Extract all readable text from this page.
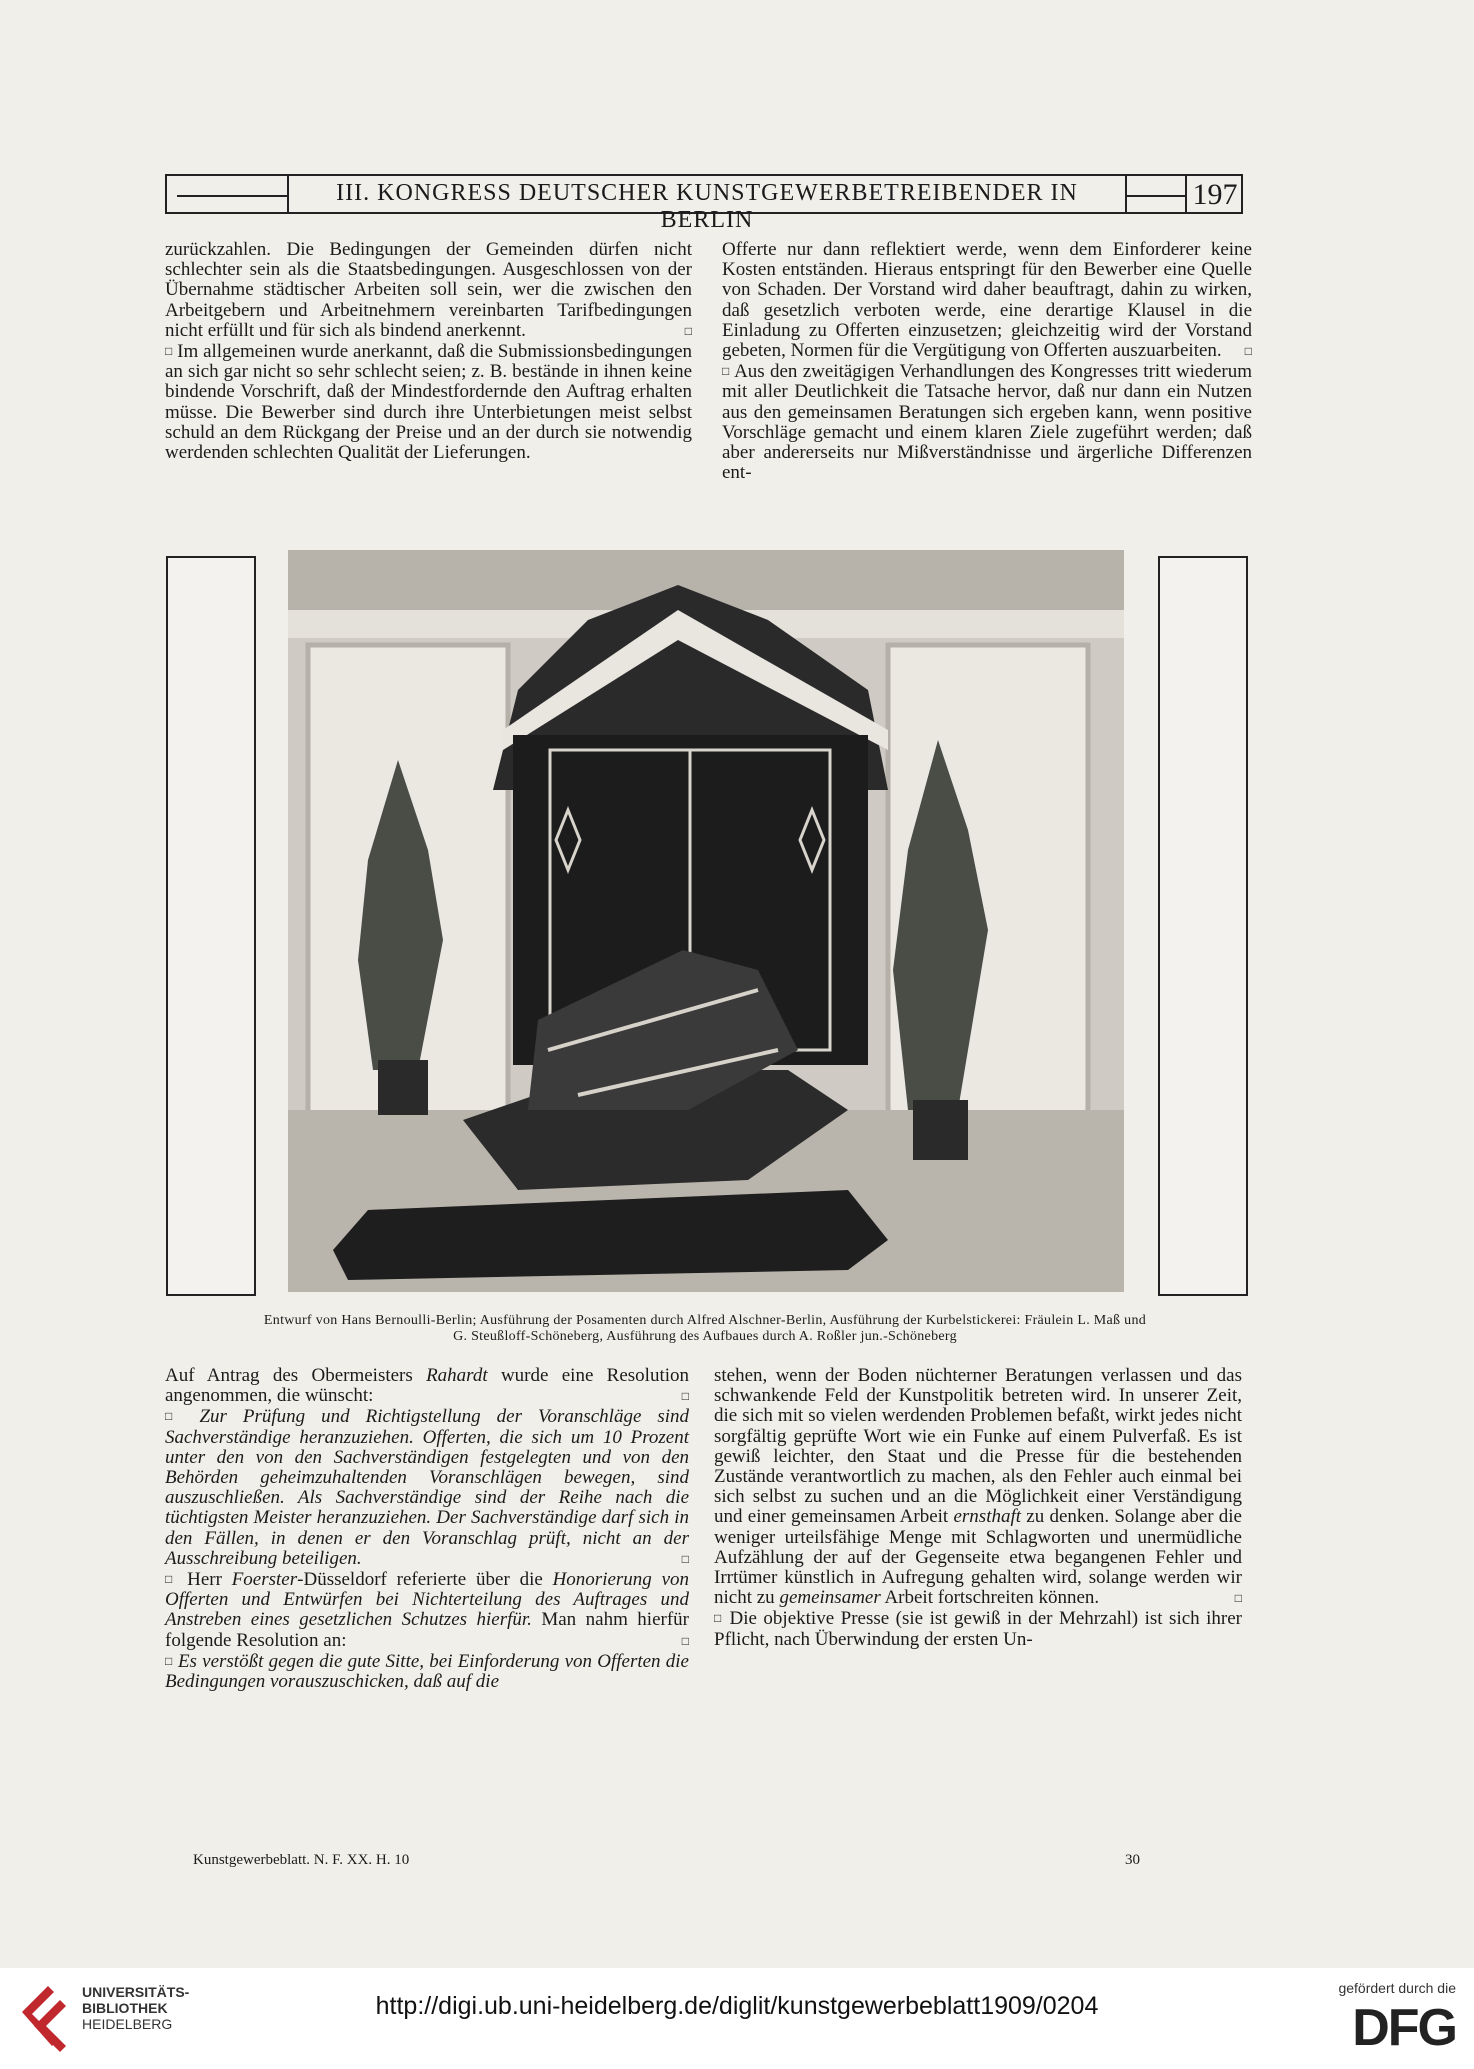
III. KONGRESS DEUTSCHER KUNSTGEWERBETREIBENDER IN BERLIN
197

zurückzahlen. Die Bedingungen der Gemeinden dürfen nicht schlechter sein als die Staatsbedingungen. Ausgeschlossen von der Übernahme städtischer Arbeiten soll sein, wer die zwischen den Arbeitgebern und Arbeitnehmern vereinbarten Tarifbedingungen nicht erfüllt und für sich als bindend anerkennt.	□

□ Im allgemeinen wurde anerkannt, daß die Submissionsbedingungen an sich gar nicht so sehr schlecht seien; z. B. bestände in ihnen keine bindende Vorschrift, daß der Mindestfordernde den Auftrag erhalten müsse. Die Bewerber sind durch ihre Unterbietungen meist selbst schuld an dem Rückgang der Preise und an der durch sie notwendig werdenden schlechten Qualität der Lieferungen.

Offerte nur dann reflektiert werde, wenn dem Einforderer keine Kosten entständen. Hieraus entspringt für den Bewerber eine Quelle von Schaden. Der Vorstand wird daher beauftragt, dahin zu wirken, daß gesetzlich verboten werde, eine derartige Klausel in die Einladung zu Offerten einzusetzen; gleichzeitig wird der Vorstand gebeten, Normen für die Vergütigung von Offerten auszuarbeiten. □

□ Aus den zweitägigen Verhandlungen des Kongresses tritt wiederum mit aller Deutlichkeit die Tatsache hervor, daß nur dann ein Nutzen aus den gemeinsamen Beratungen sich ergeben kann, wenn positive Vorschläge gemacht und einem klaren Ziele zugeführt werden; daß aber andererseits nur Mißverständnisse und ärgerliche Differenzen ent-

Entwurf von Hans Bernoulli-Berlin; Ausführung der Posamenten durch Alfred Alschner-Berlin, Ausführung der Kurbelstickerei: Fräulein L. Maß und
G. Steußloff-Schöneberg, Ausführung des Aufbaues durch A. Roßler jun.-Schöneberg

Auf Antrag des Obermeisters Rahardt wurde eine Resolution angenommen, die wünscht:	□

□ Zur Prüfung und Richtigstellung der Voranschläge sind Sachverständige heranzuziehen. Offerten, die sich um 10 Prozent unter den von den Sachverständigen festgelegten und von den Behörden geheimzuhaltenden Voranschlägen bewegen, sind auszuschließen. Als Sachverständige sind der Reihe nach die tüchtigsten Meister heranzuziehen. Der Sachverständige darf sich in den Fällen, in denen er den Voranschlag prüft, nicht an der Ausschreibung beteiligen.	□

□ Herr Foerster-Düsseldorf referierte über die Honorierung von Offerten und Entwürfen bei Nichterteilung des Auftrages und Anstreben eines gesetzlichen Schutzes hierfür. Man nahm hierfür folgende Resolution an:	□

□ Es verstößt gegen die gute Sitte, bei Einforderung von Offerten die Bedingungen vorauszuschicken, daß auf die

stehen, wenn der Boden nüchterner Beratungen verlassen und das schwankende Feld der Kunstpolitik betreten wird. In unserer Zeit, die sich mit so vielen werdenden Problemen befaßt, wirkt jedes nicht sorgfältig geprüfte Wort wie ein Funke auf einem Pulverfaß. Es ist gewiß leichter, den Staat und die Presse für die bestehenden Zustände verantwortlich zu machen, als den Fehler auch einmal bei sich selbst zu suchen und an die Möglichkeit einer Verständigung und einer gemeinsamen Arbeit ernsthaft zu denken. Solange aber die weniger urteilsfähige Menge mit Schlagworten und unermüdliche Aufzählung der auf der Gegenseite etwa begangenen Fehler und Irrtümer künstlich in Aufregung gehalten wird, solange werden wir nicht zu gemeinsamer Arbeit fortschreiten können.	□

□ Die objektive Presse (sie ist gewiß in der Mehrzahl) ist sich ihrer Pflicht, nach Überwindung der ersten Un-

Kunstgewerbeblatt. N. F. XX. H. 10	30
UNIVERSITÄTS-
BIBLIOTHEK
HEIDELBERG
http://digi.ub.uni-heidelberg.de/diglit/kunstgewerbeblatt1909/0204
gefördert durch die
DFG
